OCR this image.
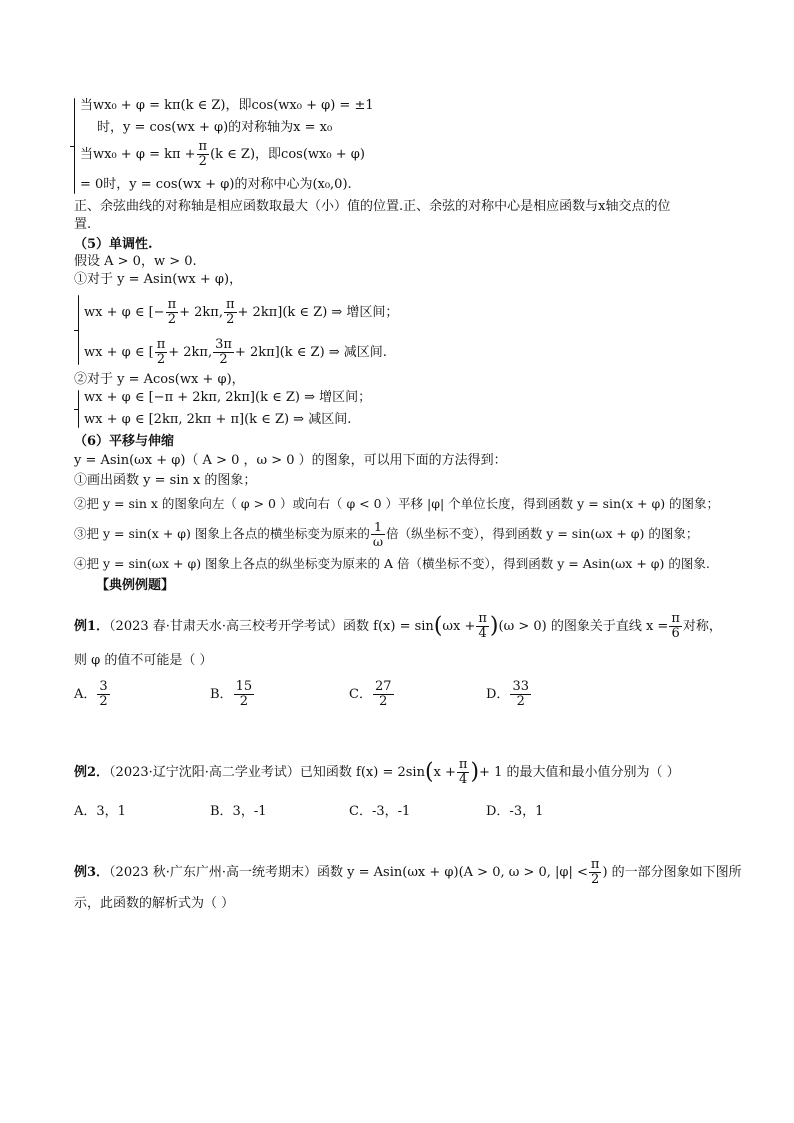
当wx₀ + φ = kπ(k ∈ Z)，即cos(wx₀ + φ) = ±1
时，y = cos(wx + φ)的对称轴为x = x₀
当$wx_0 + \varphi = k\pi + \frac{\pi}{2} (k$ ∈ Z)，即cos(wx₀ + φ)
= 0时，y = cos(wx + φ)的对称中心为(x₀,0).
正、余弦曲线的对称轴是相应函数取最大（小）值的位置.正、余弦的对称中心是相应函数与x轴交点的位
置.
（5）单调性.
假设 A > 0，w > 0.
①对于 y = Asin(wx + φ)，
wx + φ ∈ [− $\frac{\pi}{2} + 2k\pi$, $\frac{\pi}{2} + 2k\pi](k$ ∈ Z) ⇒ 增区间；
wx + φ ∈ [ $\frac{\pi}{2} + 2k\pi$, $\frac{3\pi}{2} + 2k\pi](k$ ∈ Z) ⇒ 减区间.
②对于 y = Acos(wx + φ)，
wx + φ ∈ [−π + 2kπ, 2kπ](k ∈ Z) ⇒ 增区间；
wx + φ ∈ [2kπ, 2kπ + π](k ∈ Z) ⇒ 减区间.
（6）平移与伸缩
y = Asin(ωx + φ)（ A > 0 ，ω > 0 ）的图象，可以用下面的方法得到：
①画出函数 y = sin x 的图象；
②把 y = sin x 的图象向左（ φ > 0 ）或向右（ φ < 0 ）平移 |φ| 个单位长度，得到函数 y = sin(x + φ) 的图象；
③把 y = sin(x + φ) 图象上各点的横坐标变为原来的 $\frac{1}{\omega}$ 倍（纵坐标不变），得到函数 y = sin(ωx + φ) 的图象；
④把 y = sin(ωx + φ) 图象上各点的纵坐标变为原来的 A 倍（横坐标不变），得到函数 y = Asin(ωx + φ) 的图象.
【典例例题】
例1．（2023 春·甘肃天水·高三校考开学考试）函数 $f(x) = \sin(\omega x + \frac{\pi}{4} )(\omega > 0)$ 的图象关于直线 $x = \frac{\pi}{6}$ 对称，
则 φ 的值不可能是（ ）
A． $\frac{3}{2}$	B． $\frac{15}{2}$	C． $\frac{27}{2}$	D． $\frac{33}{2}$
例2．（2023·辽宁沈阳·高二学业考试）已知函数 $f(x) = 2\sin(x + \frac{\pi}{4}$ )+ 1 的最大值和最小值分别为（ ）
A．3，1	B．3，-1	C．-3，-1	D．-3，1
例3．（2023 秋·广东广州·高一统考期末）函数 y = Asin(ωx + φ)(A > 0, ω > 0, $|\varphi| < \frac{\pi}{2}$ ) 的一部分图象如下图所
示，此函数的解析式为（ ）
